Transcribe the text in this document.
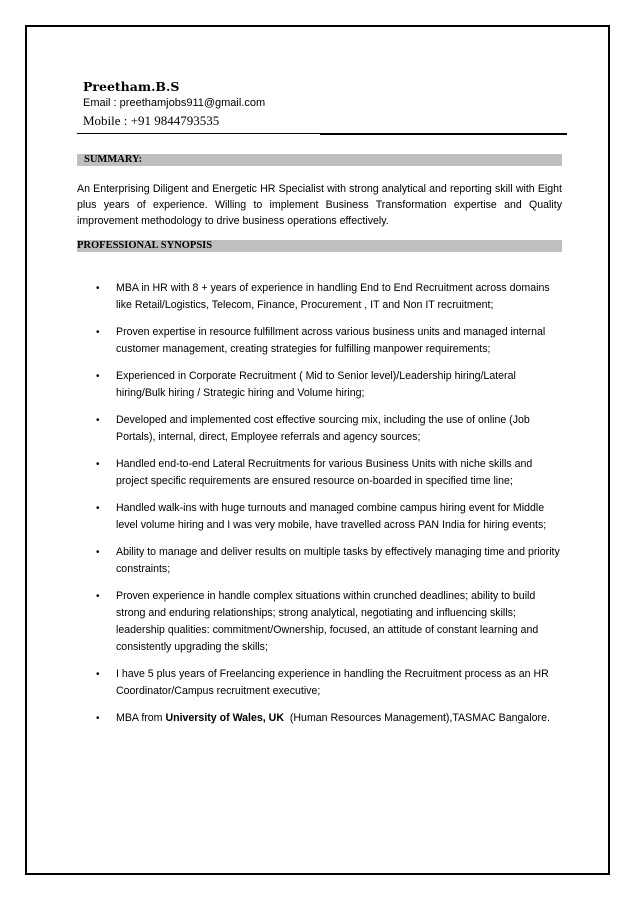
Preetham.B.S
Email : preethamjobs911@gmail.com
Mobile : +91 9844793535
SUMMARY:

An Enterprising Diligent and Energetic HR Specialist with strong analytical and reporting skill with Eight plus years of experience. Willing to implement Business Transformation expertise and Quality improvement methodology to drive business operations effectively.

PROFESSIONAL SYNOPSIS
• MBA in HR with 8 + years of experience in handling End to End Recruitment across domains like Retail/Logistics, Telecom, Finance, Procurement , IT and Non IT recruitment;
• Proven expertise in resource fulfillment across various business units and managed internal customer management, creating strategies for fulfilling manpower requirements;
• Experienced in Corporate Recruitment ( Mid to Senior level)/Leadership hiring/Lateral hiring/Bulk hiring / Strategic hiring and Volume hiring;
• Developed and implemented cost effective sourcing mix, including the use of online (Job Portals), internal, direct, Employee referrals and agency sources;
• Handled end-to-end Lateral Recruitments for various Business Units with niche skills and project specific requirements are ensured resource on-boarded in specified time line;
• Handled walk-ins with huge turnouts and managed combine campus hiring event for Middle level volume hiring and I was very mobile, have travelled across PAN India for hiring events;
• Ability to manage and deliver results on multiple tasks by effectively managing time and priority constraints;
• Proven experience in handle complex situations within crunched deadlines; ability to build strong and enduring relationships; strong analytical, negotiating and influencing skills; leadership qualities: commitment/Ownership, focused, an attitude of constant learning and consistently upgrading the skills;
• I have 5 plus years of Freelancing experience in handling the Recruitment process as an HR Coordinator/Campus recruitment executive;
• MBA from University of Wales, UK  (Human Resources Management),TASMAC Bangalore.
